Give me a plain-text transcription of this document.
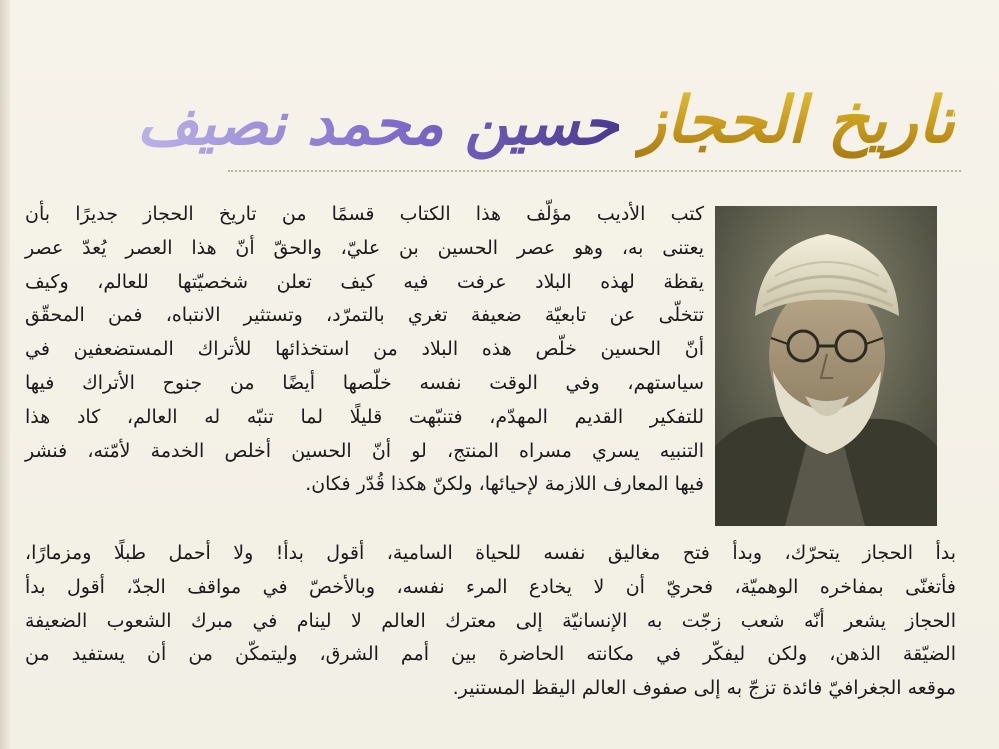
تاريخ الحجاز
حسين محمد نصيف
كتب الأديب مؤلّف هذا الكتاب قسمًا من تاريخ الحجاز جديرًا بأن
يعتنى به، وهو عصر الحسين بن عليّ، والحقّ أنّ هذا العصر يُعدّ عصر
يقظة لهذه البلاد عرفت فيه كيف تعلن شخصيّتها للعالم، وكيف
تتخلّى عن تابعيّة ضعيفة تغري بالتمرّد، وتستثير الانتباه، فمن المحقّق
أنّ الحسين خلّص هذه البلاد من استخذائها للأتراك المستضعفين في
سياستهم، وفي الوقت نفسه خلّصها أيضًا من جنوح الأتراك فيها
للتفكير القديم المهدّم، فتنبّهت قليلًا لما تنبّه له العالم، كاد هذا
التنبيه يسري مسراه المنتج، لو أنّ الحسين أخلص الخدمة لأمّته، فنشر
فيها المعارف اللازمة لإحيائها، ولكنّ هكذا قُدّر فكان.
بدأ الحجاز يتحرّك، وبدأ فتح مغاليق نفسه للحياة السامية، أقول بدأ! ولا أحمل طبلًا ومزمارًا،
فأتغنّى بمفاخره الوهميّة، فحريّ أن لا يخادع المرء نفسه، وبالأخصّ في مواقف الجدّ، أقول بدأ
الحجاز يشعر أنّه شعب زجّت به الإنسانيّة إلى معترك العالم لا لينام في مبرك الشعوب الضعيفة
الضيّقة الذهن، ولكن ليفكّر في مكانته الحاضرة بين أمم الشرق، وليتمكّن من أن يستفيد من
موقعه الجغرافيّ فائدة تزجّ به إلى صفوف العالم اليقظ المستنير.
